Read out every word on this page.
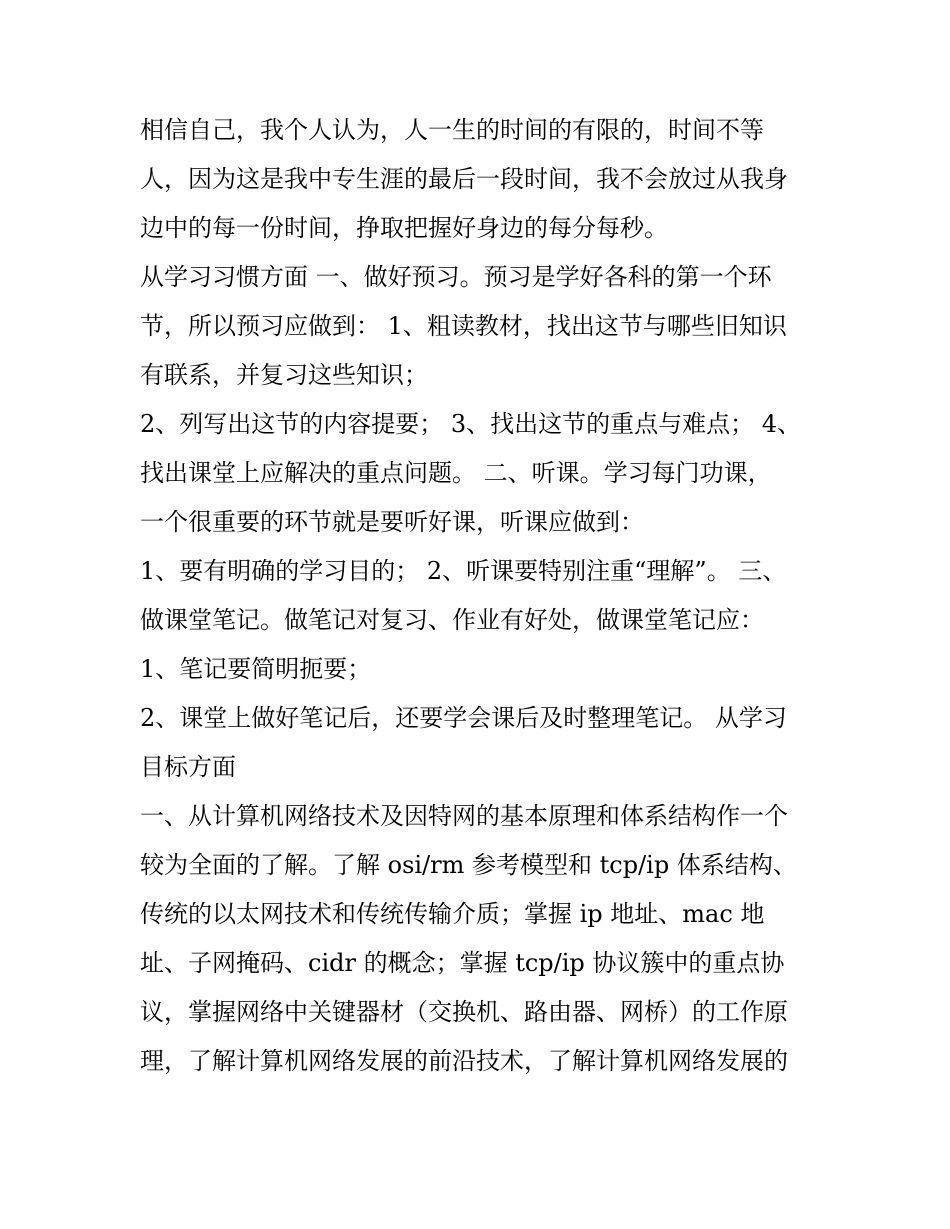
相信自己，我个人认为，人一生的时间的有限的，时间不等
人，因为这是我中专生涯的最后一段时间，我不会放过从我身
边中的每一份时间，挣取把握好身边的每分每秒。
从学习习惯方面 一、做好预习。预习是学好各科的第一个环
节，所以预习应做到： 1、粗读教材，找出这节与哪些旧知识
有联系，并复习这些知识；
2、列写出这节的内容提要； 3、找出这节的重点与难点； 4、
找出课堂上应解决的重点问题。 二、听课。学习每门功课，
一个很重要的环节就是要听好课，听课应做到：
1、要有明确的学习目的； 2、听课要特别注重“理解”。 三、
做课堂笔记。做笔记对复习、作业有好处，做课堂笔记应：
1、笔记要简明扼要；
2、课堂上做好笔记后，还要学会课后及时整理笔记。 从学习
目标方面
一、从计算机网络技术及因特网的基本原理和体系结构作一个
较为全面的了解。了解 osi/rm 参考模型和 tcp/ip 体系结构、
传统的以太网技术和传统传输介质；掌握 ip 地址、mac 地
址、子网掩码、cidr 的概念；掌握 tcp/ip 协议簇中的重点协
议，掌握网络中关键器材（交换机、路由器、网桥）的工作原
理，了解计算机网络发展的前沿技术，了解计算机网络发展的
